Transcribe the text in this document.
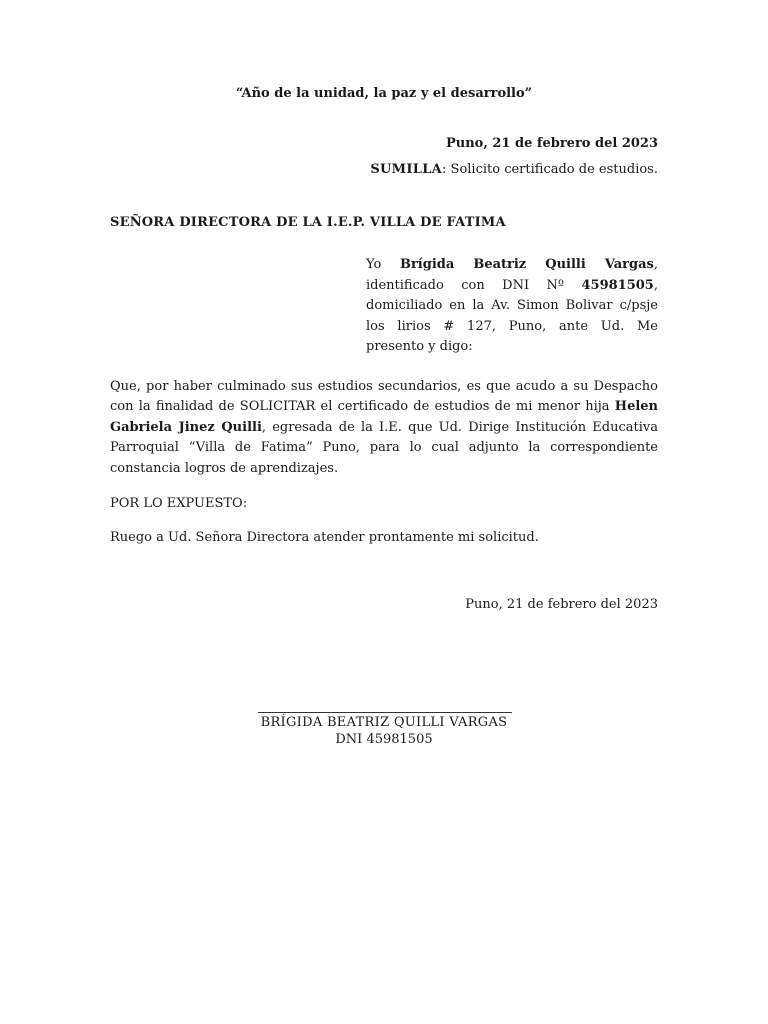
“Año de la unidad, la paz y el desarrollo”
Puno, 21 de febrero del 2023
SUMILLA: Solicito certificado de estudios.
SEÑORA DIRECTORA DE LA I.E.P. VILLA DE FATIMA
Yo Brígida Beatriz Quilli Vargas, identificado con DNI Nº 45981505, domiciliado en la Av. Simon Bolivar c/psje los lirios # 127, Puno, ante Ud. Me presento y digo:
Que, por haber culminado sus estudios secundarios, es que acudo a su Despacho con la finalidad de SOLICITAR el certificado de estudios de mi menor hija Helen Gabriela Jinez Quilli, egresada de la I.E. que Ud. Dirige Institución Educativa Parroquial “Villa de Fatima” Puno, para lo cual adjunto la correspondiente constancia logros de aprendizajes.
POR LO EXPUESTO:
Ruego a Ud. Señora Directora atender prontamente mi solicitud.
Puno, 21 de febrero del 2023
BRÍGIDA BEATRIZ QUILLI VARGAS
DNI 45981505
